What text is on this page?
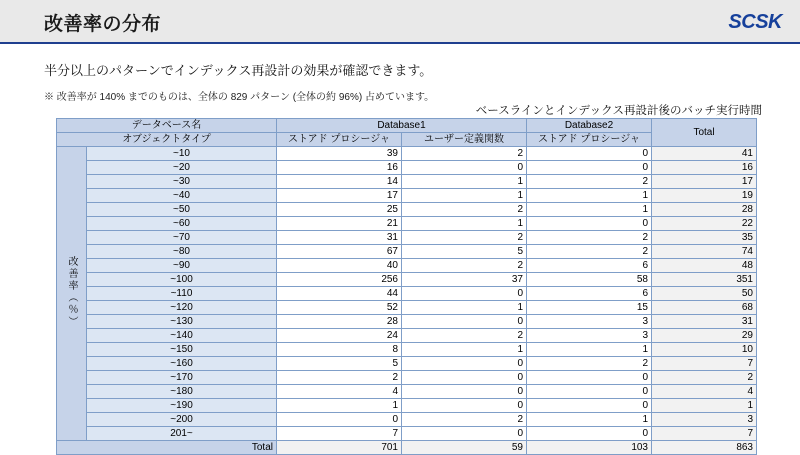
改善率の分布	SCSK
半分以上のパターンでインデックス再設計の効果が確認できます。
※ 改善率が 140% までのものは、全体の 829 パターン (全体の約 96%) 占めています。
ベースラインとインデックス再設計後のバッチ実行時間
データベース名		Database1		Database2	Total
オブジェクトタイプ		ストアド プロシージャ	ユーザー定義関数	ストアド プロシージャ	
改善率（％）	~10	39	2	0	41
	~20	16	0	0	16
	~30	14	1	2	17
	~40	17	1	1	19
	~50	25	2	1	28
	~60	21	1	0	22
	~70	31	2	2	35
	~80	67	5	2	74
	~90	40	2	6	48
	~100	256	37	58	351
	~110	44	0	6	50
	~120	52	1	15	68
	~130	28	0	3	31
	~140	24	2	3	29
	~150	8	1	1	10
	~160	5	0	2	7
	~170	2	0	0	2
	~180	4	0	0	4
	~190	1	0	0	1
	~200	0	2	1	3
	201~	7	0	0	7
Total		701	59	103	863
